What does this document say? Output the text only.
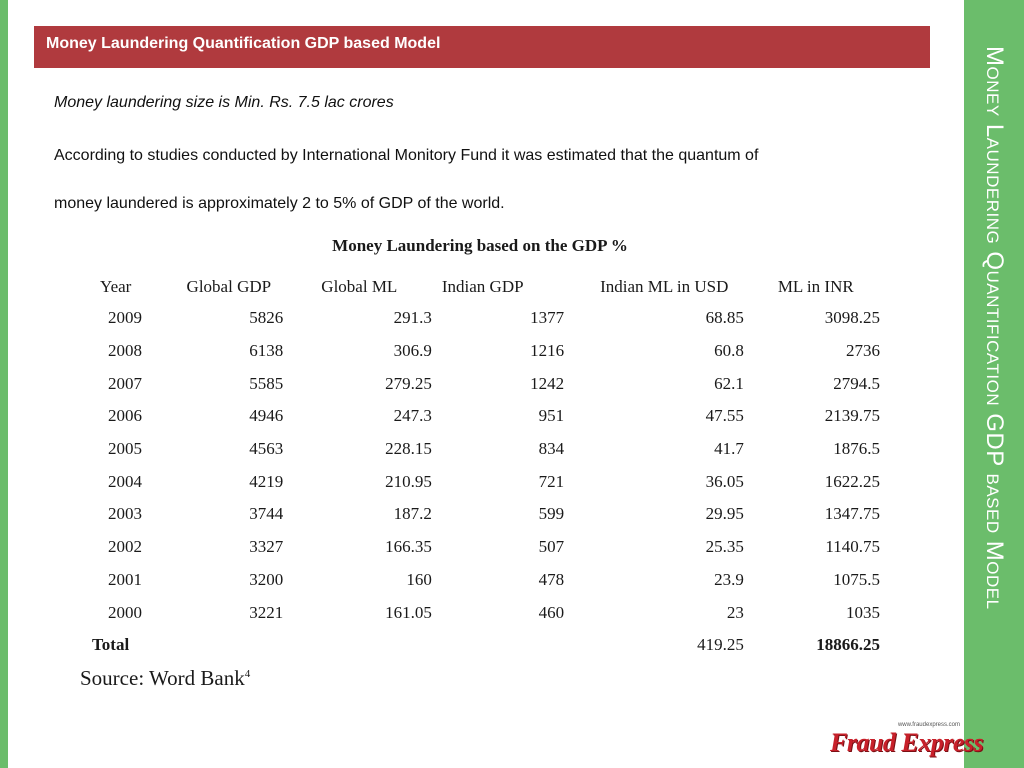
Money Laundering Quantification GDP based Model
Money Laundering Quantification GDP based Model
Money laundering size is Min. Rs. 7.5 lac crores
According to studies conducted by International Monitory Fund it was estimated that the quantum of
money laundered is approximately 2 to 5% of GDP of the world.
Money Laundering based on the GDP %
Year	Global GDP	Global ML	Indian GDP	Indian ML in USD	ML in INR
2009	5826	291.3	1377	68.85	3098.25
2008	6138	306.9	1216	60.8	2736
2007	5585	279.25	1242	62.1	2794.5
2006	4946	247.3	951	47.55	2139.75
2005	4563	228.15	834	41.7	1876.5
2004	4219	210.95	721	36.05	1622.25
2003	3744	187.2	599	29.95	1347.75
2002	3327	166.35	507	25.35	1140.75
2001	3200	160	478	23.9	1075.5
2000	3221	161.05	460	23	1035
Total				419.25	18866.25
Source: Word Bank$^4$
www.fraudexpress.com
Fraud Express
